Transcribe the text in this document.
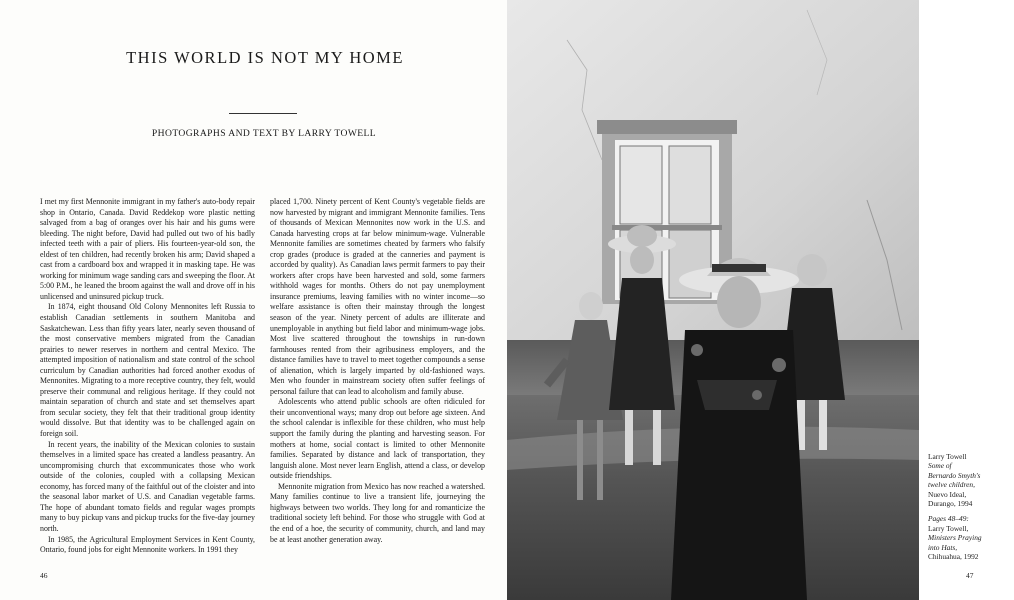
THIS WORLD IS NOT MY HOME
PHOTOGRAPHS AND TEXT BY LARRY TOWELL

I met my first Mennonite immigrant in my father's auto-body repair shop in Ontario, Canada. David Reddekop wore plastic netting salvaged from a bag of oranges over his hair and his gums were bleeding. The night before, David had pulled out two of his badly infected teeth with a pair of pliers. His fourteen-year-old son, the eldest of ten children, had recently broken his arm; David shaped a cast from a cardboard box and wrapped it in masking tape. He was working for minimum wage sanding cars and sweeping the floor. At 5:00 P.M., he leaned the broom against the wall and drove off in his unlicensed and uninsured pickup truck.

In 1874, eight thousand Old Colony Mennonites left Russia to establish Canadian settlements in southern Manitoba and Saskatchewan. Less than fifty years later, nearly seven thousand of the most conservative members migrated from the Canadian prairies to newer reserves in northern and central Mexico. The attempted imposition of nationalism and state control of the school curriculum by Canadian authorities had forced another exodus of Mennonites. Migrating to a more receptive country, they felt, would preserve their communal and religious heritage. If they could not maintain separation of church and state and set themselves apart from secular society, they felt that their traditional group identity would dissolve. But that identity was to be challenged again on foreign soil.

In recent years, the inability of the Mexican colonies to sustain themselves in a limited space has created a landless peasantry. An uncompromising church that excommunicates those who work outside of the colonies, coupled with a collapsing Mexican economy, has forced many of the faithful out of the cloister and into the seasonal labor market of U.S. and Canadian vegetable farms. The hope of abundant tomato fields and regular wages prompts many to buy pickup vans and pickup trucks for the five-day journey north.

In 1985, the Agricultural Employment Services in Kent County, Ontario, found jobs for eight Mennonite workers. In 1991 they

placed 1,700. Ninety percent of Kent County's vegetable fields are now harvested by migrant and immigrant Mennonite families. Tens of thousands of Mexican Mennonites now work in the U.S. and Canada harvesting crops at far below minimum-wage. Vulnerable Mennonite families are sometimes cheated by farmers who falsify crop grades (produce is graded at the canneries and payment is accorded by quality). As Canadian laws permit farmers to pay their workers after crops have been harvested and sold, some farmers withhold wages for months. Others do not pay unemployment insurance premiums, leaving families with no winter income—so welfare assistance is often their mainstay through the longest season of the year. Ninety percent of adults are illiterate and unemployable in anything but field labor and minimum-wage jobs. Most live scattered throughout the townships in run-down farmhouses rented from their agribusiness employers, and the distance families have to travel to meet together compounds a sense of alienation, which is largely imparted by old-fashioned ways. Men who founder in mainstream society often suffer feelings of personal failure that can lead to alcoholism and family abuse.

Adolescents who attend public schools are often ridiculed for their unconventional ways; many drop out before age sixteen. And the school calendar is inflexible for these children, who must help support the family during the planting and harvesting season. For mothers at home, social contact is limited to other Mennonite families. Separated by distance and lack of transportation, they languish alone. Most never learn English, attend a class, or develop outside friendships.

Mennonite migration from Mexico has now reached a watershed. Many families continue to live a transient life, journeying the highways between two worlds. They long for and romanticize the traditional society left behind. For those who struggle with God at the end of a hoe, the security of community, church, and land may be at least another generation away.

46	47
Larry Towell
Some of
Bernardo Smyth's
twelve children,
Nuevo Ideal,
Durango, 1994
Pages 48–49:
Larry Towell,
Ministers Praying
into Hats,
Chihuahua, 1992
